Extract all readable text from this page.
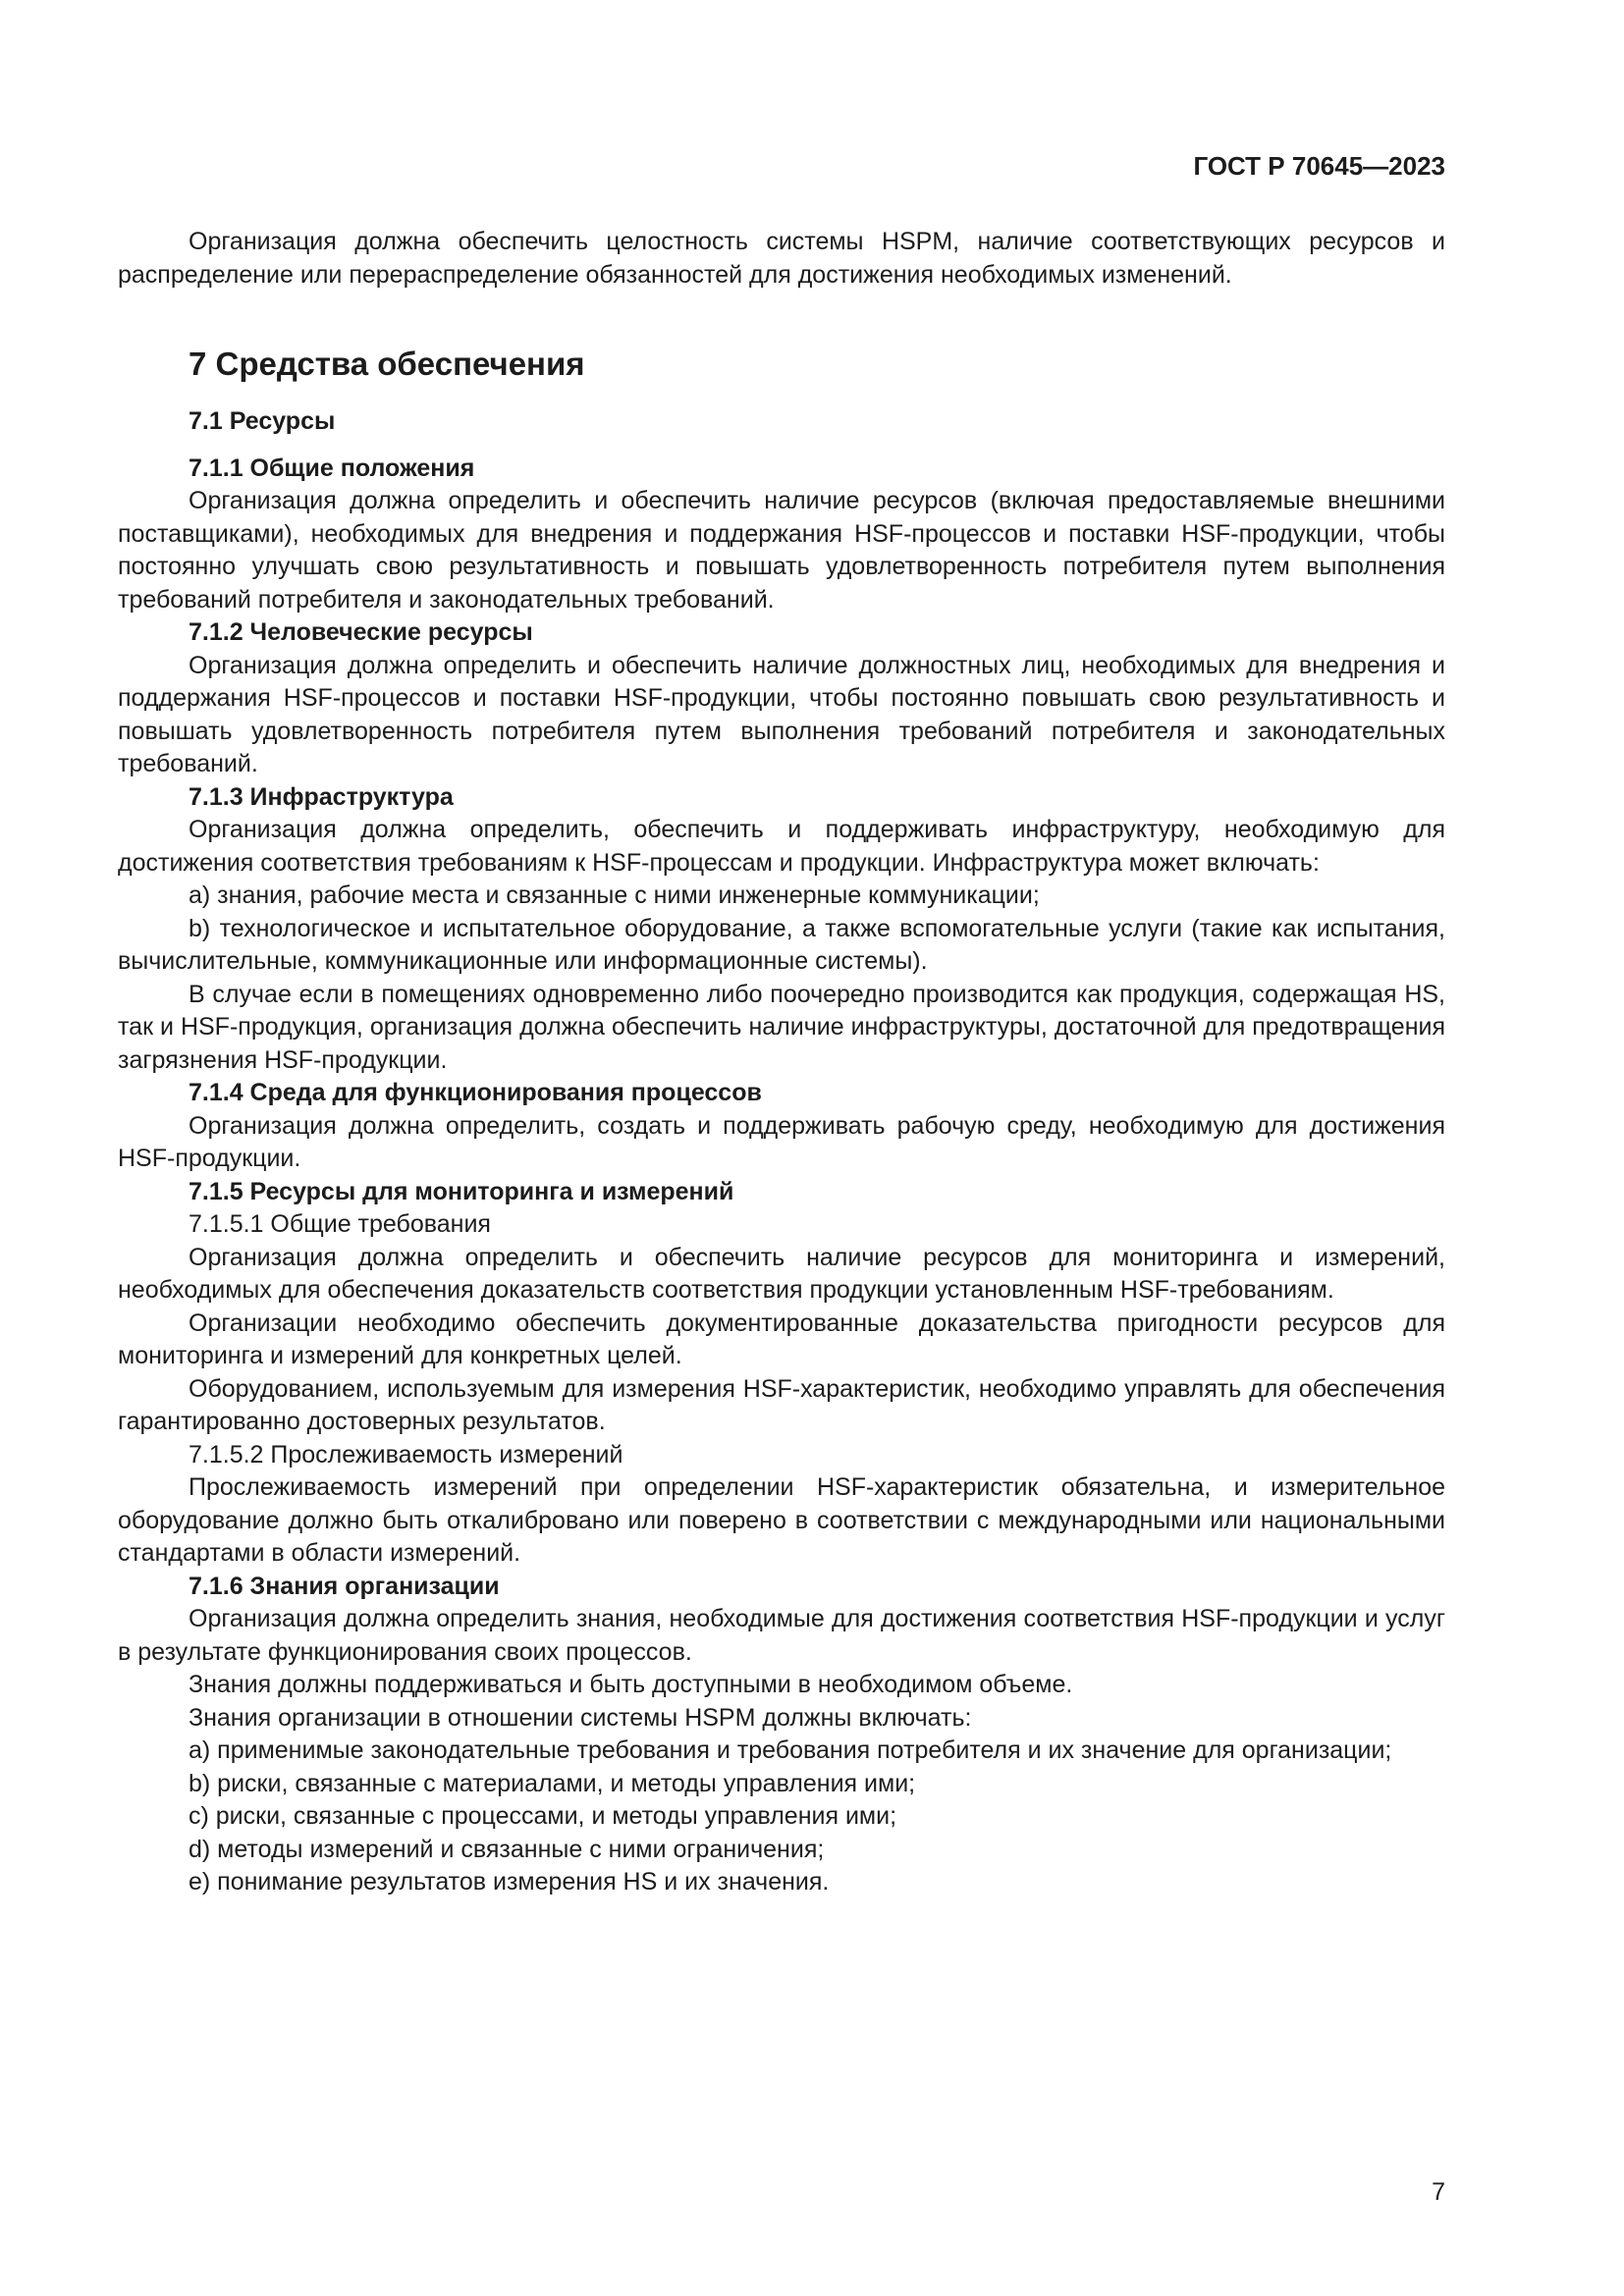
ГОСТ Р 70645—2023

Организация должна обеспечить целостность системы HSPM, наличие соответствующих ресурсов и распределение или перераспределение обязанностей для достижения необходимых изменений.

7 Средства обеспечения
7.1 Ресурсы
7.1.1 Общие положения

Организация должна определить и обеспечить наличие ресурсов (включая предоставляемые внешними поставщиками), необходимых для внедрения и поддержания HSF-процессов и поставки HSF-продукции, чтобы постоянно улучшать свою результативность и повышать удовлетворенность потребителя путем выполнения требований потребителя и законодательных требований.

7.1.2 Человеческие ресурсы

Организация должна определить и обеспечить наличие должностных лиц, необходимых для внедрения и поддержания HSF-процессов и поставки HSF-продукции, чтобы постоянно повышать свою результативность и повышать удовлетворенность потребителя путем выполнения требований потребителя и законодательных требований.

7.1.3 Инфраструктура

Организация должна определить, обеспечить и поддерживать инфраструктуру, необходимую для достижения соответствия требованиям к HSF-процессам и продукции. Инфраструктура может включать:

a) знания, рабочие места и связанные с ними инженерные коммуникации;

b) технологическое и испытательное оборудование, а также вспомогательные услуги (такие как испытания, вычислительные, коммуникационные или информационные системы).

В случае если в помещениях одновременно либо поочередно производится как продукция, содержащая HS, так и HSF-продукция, организация должна обеспечить наличие инфраструктуры, достаточной для предотвращения загрязнения HSF-продукции.

7.1.4 Среда для функционирования процессов

Организация должна определить, создать и поддерживать рабочую среду, необходимую для достижения HSF-продукции.

7.1.5 Ресурсы для мониторинга и измерений
7.1.5.1 Общие требования

Организация должна определить и обеспечить наличие ресурсов для мониторинга и измерений, необходимых для обеспечения доказательств соответствия продукции установленным HSF-требованиям.

Организации необходимо обеспечить документированные доказательства пригодности ресурсов для мониторинга и измерений для конкретных целей.

Оборудованием, используемым для измерения HSF-характеристик, необходимо управлять для обеспечения гарантированно достоверных результатов.

7.1.5.2 Прослеживаемость измерений

Прослеживаемость измерений при определении HSF-характеристик обязательна, и измерительное оборудование должно быть откалибровано или поверено в соответствии с международными или национальными стандартами в области измерений.

7.1.6 Знания организации

Организация должна определить знания, необходимые для достижения соответствия HSF-продукции и услуг в результате функционирования своих процессов.

Знания должны поддерживаться и быть доступными в необходимом объеме.

Знания организации в отношении системы HSPM должны включать:

a) применимые законодательные требования и требования потребителя и их значение для организации;

b) риски, связанные с материалами, и методы управления ими;

c) риски, связанные с процессами, и методы управления ими;

d) методы измерений и связанные с ними ограничения;

e) понимание результатов измерения HS и их значения.

7
